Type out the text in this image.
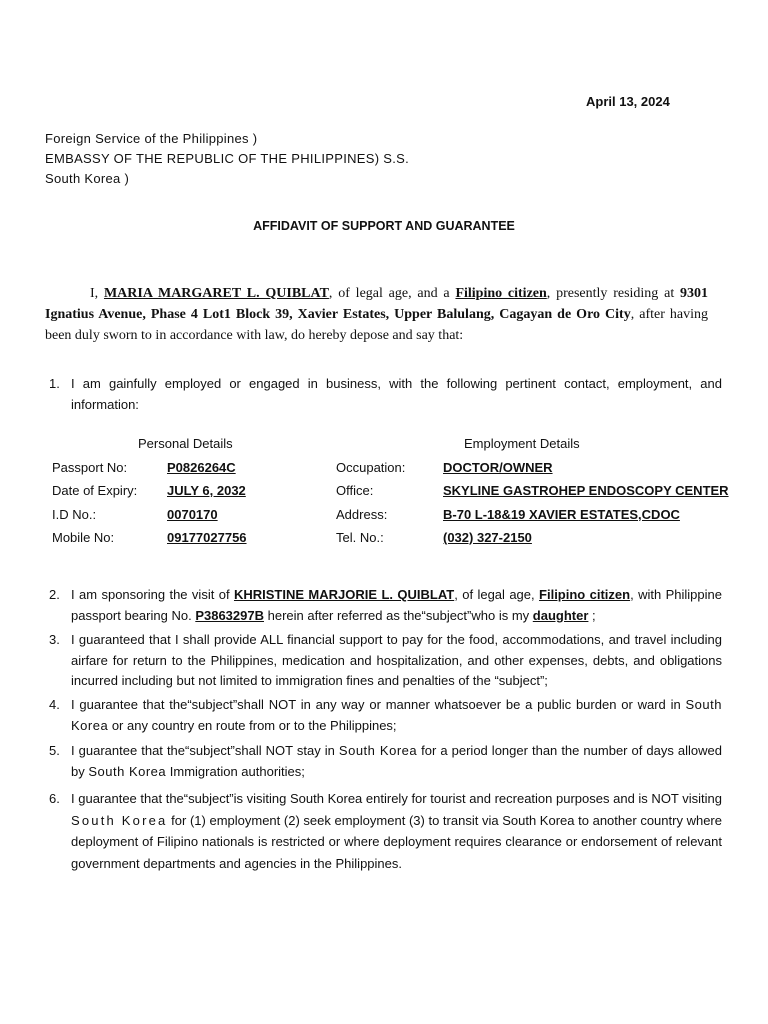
April 13, 2024
Foreign Service of the Philippines )
EMBASSY OF THE REPUBLIC OF THE PHILIPPINES) S.S.
South Korea )
AFFIDAVIT OF SUPPORT AND GUARANTEE
I, MARIA MARGARET L. QUIBLAT, of legal age, and a Filipino citizen, presently residing at 9301 Ignatius Avenue, Phase 4 Lot1 Block 39, Xavier Estates, Upper Balulang, Cagayan de Oro City, after having been duly sworn to in accordance with law, do hereby depose and say that:
1. I am gainfully employed or engaged in business, with the following pertinent contact, employment, and information:
Personal Details	Employment Details
Passport No:	P0826264C	Occupation:	DOCTOR/OWNER
Date of Expiry: JULY 6, 2032	Office:	SKYLINE GASTROHEP ENDOSCOPY CENTER
I.D No.:	0070170	Address:	B-70 L-18&19 XAVIER ESTATES,CDOC
Mobile No:	09177027756	Tel. No.:	(032) 327-2150
2. I am sponsoring the visit of KHRISTINE MARJORIE L. QUIBLAT, of legal age, Filipino citizen, with Philippine passport bearing No. P3863297B herein after referred as the“subject”who is my daughter ;
3. I guaranteed that I shall provide ALL financial support to pay for the food, accommodations, and travel including airfare for return to the Philippines, medication and hospitalization, and other expenses, debts, and obligations incurred including but not limited to immigration fines and penalties of the “subject”;
4. I guarantee that the“subject”shall NOT in any way or manner whatsoever be a public burden or ward in South Korea or any country en route from or to the Philippines;
5. I guarantee that the“subject”shall NOT stay in South Korea for a period longer than the number of days allowed by South Korea Immigration authorities;
6. I guarantee that the“subject”is visiting South Korea entirely for tourist and recreation purposes and is NOT visiting South Korea for (1) employment (2) seek employment (3) to transit via South Korea to another country where deployment of Filipino nationals is restricted or where deployment requires clearance or endorsement of relevant government departments and agencies in the Philippines.
